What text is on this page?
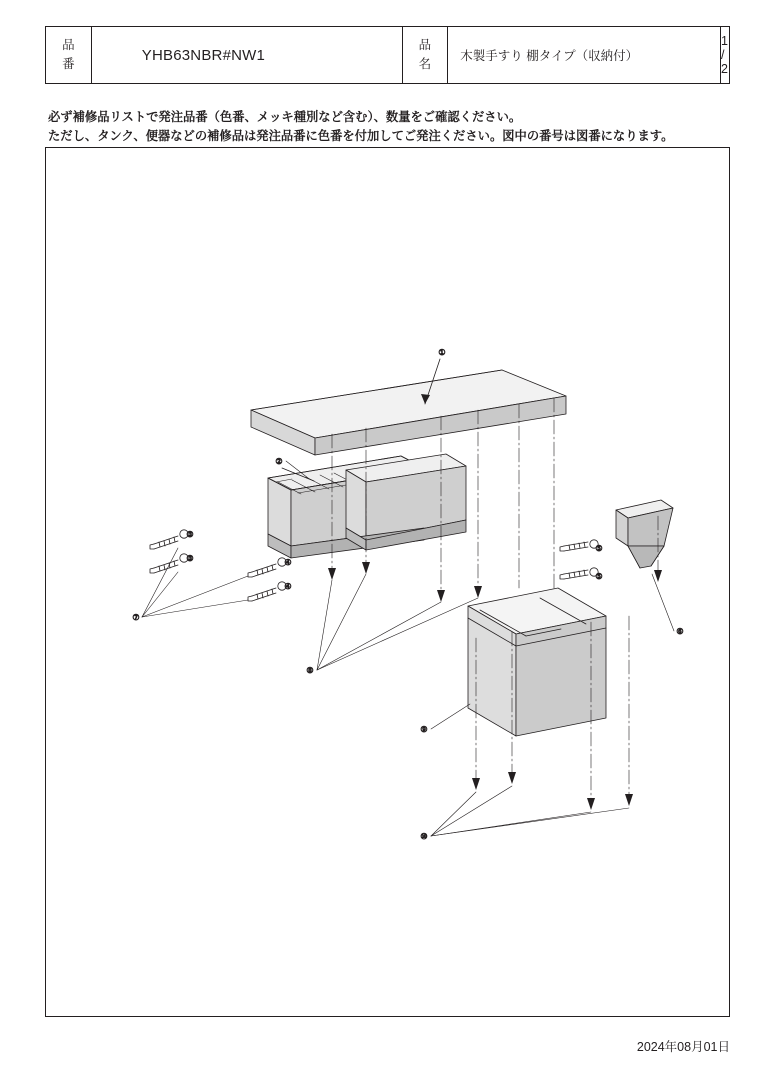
品
番
YHB63NBR#NW1
品
名
木製手すり 棚タイプ（収納付）
1 / 2
必ず補修品リストで発注品番（色番、メッキ種別など含む）、数量をご確認ください。
ただし、タンク、便器などの補修品は発注品番に色番を付加してご発注ください。図中の番号は図番になります。
①
②
③
③	④
④
⑤
⑤
⑦
⑥
⑧
⑨
⑩
2024年08月01日
